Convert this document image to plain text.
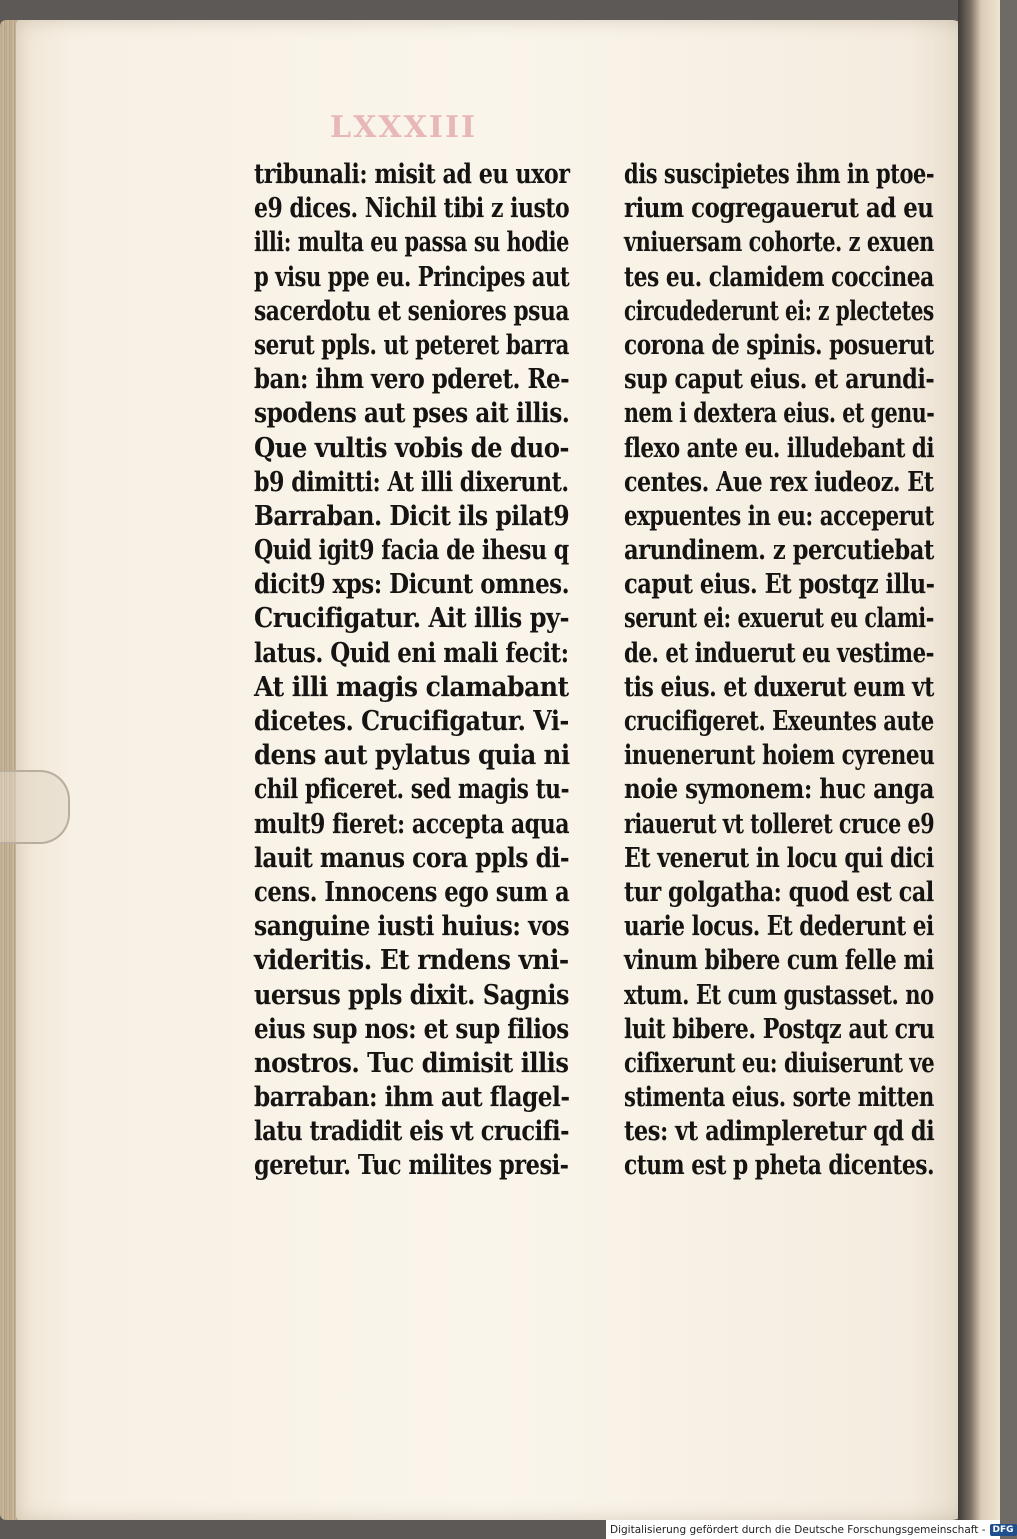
LXXXIII
tribunali: misit ad eu uxor
e9 dices. Nichil tibi z iusto
illi: multa eu passa su hodie
p visu ppe eu. Principes aut
sacerdotu et seniores psua
serut ppls. ut peteret barra
ban: ihm vero pderet. Re-
spodens aut pses ait illis.
Que vultis vobis de duo-
b9 dimitti: At illi dixerunt.
Barraban. Dicit ils pilat9
Quid igit9 facia de ihesu q
dicit9 xps: Dicunt omnes.
Crucifigatur. Ait illis py-
latus. Quid eni mali fecit:
At illi magis clamabant
dicetes. Crucifigatur. Vi-
dens aut pylatus quia ni
chil pficeret. sed magis tu-
mult9 fieret: accepta aqua
lauit manus cora ppls di-
cens. Innocens ego sum a
sanguine iusti huius: vos
videritis. Et rndens vni-
uersus ppls dixit. Sagnis
eius sup nos: et sup filios
nostros. Tuc dimisit illis
barraban: ihm aut flagel-
latu tradidit eis vt crucifi-
geretur. Tuc milites presi-
dis suscipietes ihm in ptoe-
rium cogregauerut ad eu
vniuersam cohorte. z exuen
tes eu. clamidem coccinea
circudederunt ei: z plectetes
corona de spinis. posuerut
sup caput eius. et arundi-
nem i dextera eius. et genu-
flexo ante eu. illudebant di
centes. Aue rex iudeoz. Et
expuentes in eu: acceperut
arundinem. z percutiebat
caput eius. Et postqz illu-
serunt ei: exuerut eu clami-
de. et induerut eu vestime-
tis eius. et duxerut eum vt
crucifigeret. Exeuntes aute
inuenerunt hoiem cyreneu
noie symonem: huc anga
riauerut vt tolleret cruce e9
Et venerut in locu qui dici
tur golgatha: quod est cal
uarie locus. Et dederunt ei
vinum bibere cum felle mi
xtum. Et cum gustasset. no
luit bibere. Postqz aut cru
cifixerunt eu: diuiserunt ve
stimenta eius. sorte mitten
tes: vt adimpleretur qd di
ctum est p pheta dicentes.
Digitalisierung gefördert durch die Deutsche Forschungsgemeinschaft - DFG
